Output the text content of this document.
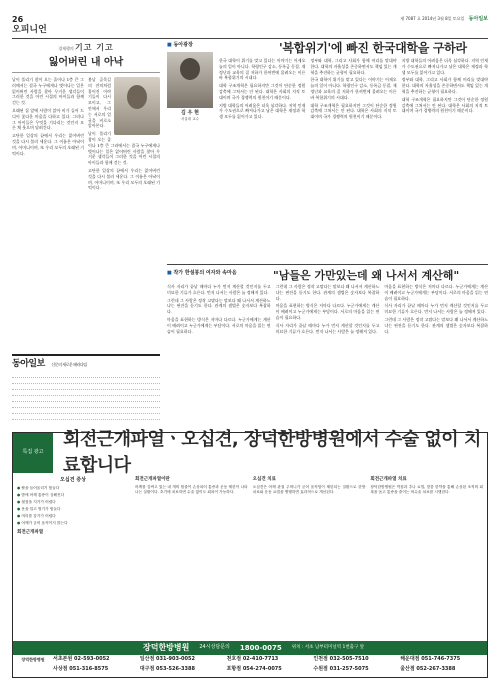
26	제 7087 호 2014년 3월 8일 토요일 동아일보
오피니언
경제행의 기고 기고
잃어버린 내 아낙

날이 풀리기 참이 오는 줄이나 1층 큰 그러에서는 결국 누구에게나 벗어나는 일은 잃어버린 사람을 찾아 무거운 생각들이 그러한 것을 어린 시절의 아이들과 함께 걷는 것.

오래된 집 앞에 사람이 앉아 비가 들어 드디어 꽃다운 마음을 다하고 있다. 그러나 그 아이들은 무엇을 기다리는 것인지 모른 채 웃으며 달려간다.

고단한 일상의 끝에서 우리는 잃어버린 것을 다시 불러 세운다. 그 이름은 아낙이며, 어머니이며, 또 우리 모두의 오래된 기억이다.

봄날 골목길의 잔치처럼 흩어진 이야기들이 다시 모이고, 그 안에서 우리는 서로의 얼굴을 비로소 알아본다.

날이 풀리기 참이 오는 줄이나 1층 큰 그러에서는 결국 누구에게나 벗어나는 일은 잃어버린 사람을 찾아 무거운 생각들이 그러한 것을 어린 시절의 아이들과 함께 걷는 것.

고단한 일상의 끝에서 우리는 잃어버린 것을 다시 불러 세운다. 그 이름은 아낙이며, 어머니이며, 또 우리 모두의 오래된 기억이다.

동아일보 신문의 새로운 패러다임
■ 동아광장	'복합위기'에 빠진 한국대학을 구하라
김 우 현
서울대 교수

한국 대학이 위기를 맞고 있다는 이야기는 어제오늘의 일이 아니다. 학령인구 감소, 등록금 동결, 재정난과 교육의 질 저하가 한꺼번에 몰려오는 이른바 복합위기의 시대다.

대학 구조개혁은 필요하지만 그것이 단순한 정원 감축에 그쳐서는 안 된다. 대학은 사회의 지적 토대이며 국가 경쟁력의 원천이기 때문이다.

지방 대학들의 어려움은 더욱 심각하다. 지역 인재가 수도권으로 빠져나가고 남은 대학은 재정과 학생 모두를 잃어가고 있다.

정부와 대학, 그리고 사회가 함께 머리를 맞대야 한다. 대학의 자율성을 존중하면서도 책임 있는 개혁을 추진하는 균형이 필요하다.

한국 대학이 위기를 맞고 있다는 이야기는 어제오늘의 일이 아니다. 학령인구 감소, 등록금 동결, 재정난과 교육의 질 저하가 한꺼번에 몰려오는 이른바 복합위기의 시대다.

대학 구조개혁은 필요하지만 그것이 단순한 정원 감축에 그쳐서는 안 된다. 대학은 사회의 지적 토대이며 국가 경쟁력의 원천이기 때문이다.

지방 대학들의 어려움은 더욱 심각하다. 지역 인재가 수도권으로 빠져나가고 남은 대학은 재정과 학생 모두를 잃어가고 있다.

정부와 대학, 그리고 사회가 함께 머리를 맞대야 한다. 대학의 자율성을 존중하면서도 책임 있는 개혁을 추진하는 균형이 필요하다.

대학 구조개혁은 필요하지만 그것이 단순한 정원 감축에 그쳐서는 안 된다. 대학은 사회의 지적 토대이며 국가 경쟁력의 원천이기 때문이다.

■ 작가 한설봉의 여자와 속마음	"남들은 가만있는데 왜 나서서 계산해"

식사 자리가 끝날 때마다 누가 먼저 계산할 것인지를 두고 미묘한 기류가 흐른다. 먼저 나서는 사람은 늘 정해져 있다.

그런데 그 사람은 정작 고맙다는 말보다 왜 나서서 계산하느냐는 핀잔을 듣기도 한다. 관계의 셈법은 숫자보다 복잡하다.

마음을 표현하는 방식은 저마다 다르다. 누군가에게는 계산이 배려이고 누군가에게는 부담이다. 서로의 마음을 읽는 연습이 필요하다.

그런데 그 사람은 정작 고맙다는 말보다 왜 나서서 계산하느냐는 핀잔을 듣기도 한다. 관계의 셈법은 숫자보다 복잡하다.

마음을 표현하는 방식은 저마다 다르다. 누군가에게는 계산이 배려이고 누군가에게는 부담이다. 서로의 마음을 읽는 연습이 필요하다.

식사 자리가 끝날 때마다 누가 먼저 계산할 것인지를 두고 미묘한 기류가 흐른다. 먼저 나서는 사람은 늘 정해져 있다.

마음을 표현하는 방식은 저마다 다르다. 누군가에게는 계산이 배려이고 누군가에게는 부담이다. 서로의 마음을 읽는 연습이 필요하다.

식사 자리가 끝날 때마다 누가 먼저 계산할 것인지를 두고 미묘한 기류가 흐른다. 먼저 나서는 사람은 늘 정해져 있다.

그런데 그 사람은 정작 고맙다는 말보다 왜 나서서 계산하느냐는 핀잔을 듣기도 한다. 관계의 셈법은 숫자보다 복잡하다.

특집 광고
회전근개파열ㆍ오십견, 장덕한방병원에서 수술 없이 치료합니다
오십견 증상
● 팔을 들어올리기 힘들다
● 밤에 어깨 통증이 심해진다
● 뒷짐을 지기가 어렵다
● 옷을 입고 벗기가 힘들다
● 머리를 감기가 어렵다
● 어깨가 굳어 움직이지 않는다
회전근개파열
회전근개파열이란

어깨를 감싸고 있는 네 개의 힘줄이 손상되어 통증과 운동 제한이 나타나는 질환이다. 초기에 치료하면 수술 없이도 회복이 가능하다.

오십견 치료

오십견은 어깨 관절 주머니가 굳어 움직임이 제한되는 질환으로 한방 치료와 운동 요법을 병행하면 효과적으로 개선된다.

회전근개파열 치료

장덕한방병원은 약침과 추나 요법, 맞춤 한약을 통해 손상된 조직의 회복을 돕고 통증을 줄이는 비수술 치료를 시행한다.

장덕한방병원 24시상담문의 1800-0075 위치 : 서초 남부터미널역 1번출구 앞
장덕한방병원	서초본원 02-593-0052	일산점 031-903-0052	천호점 02-410-7713	인천점 032-505-7510	해운대점 051-746-7375
사상점 051-316-8575	대구점 053-526-3388	포항점 054-274-0075	수원점 031-257-5075	울산점 052-267-3388
